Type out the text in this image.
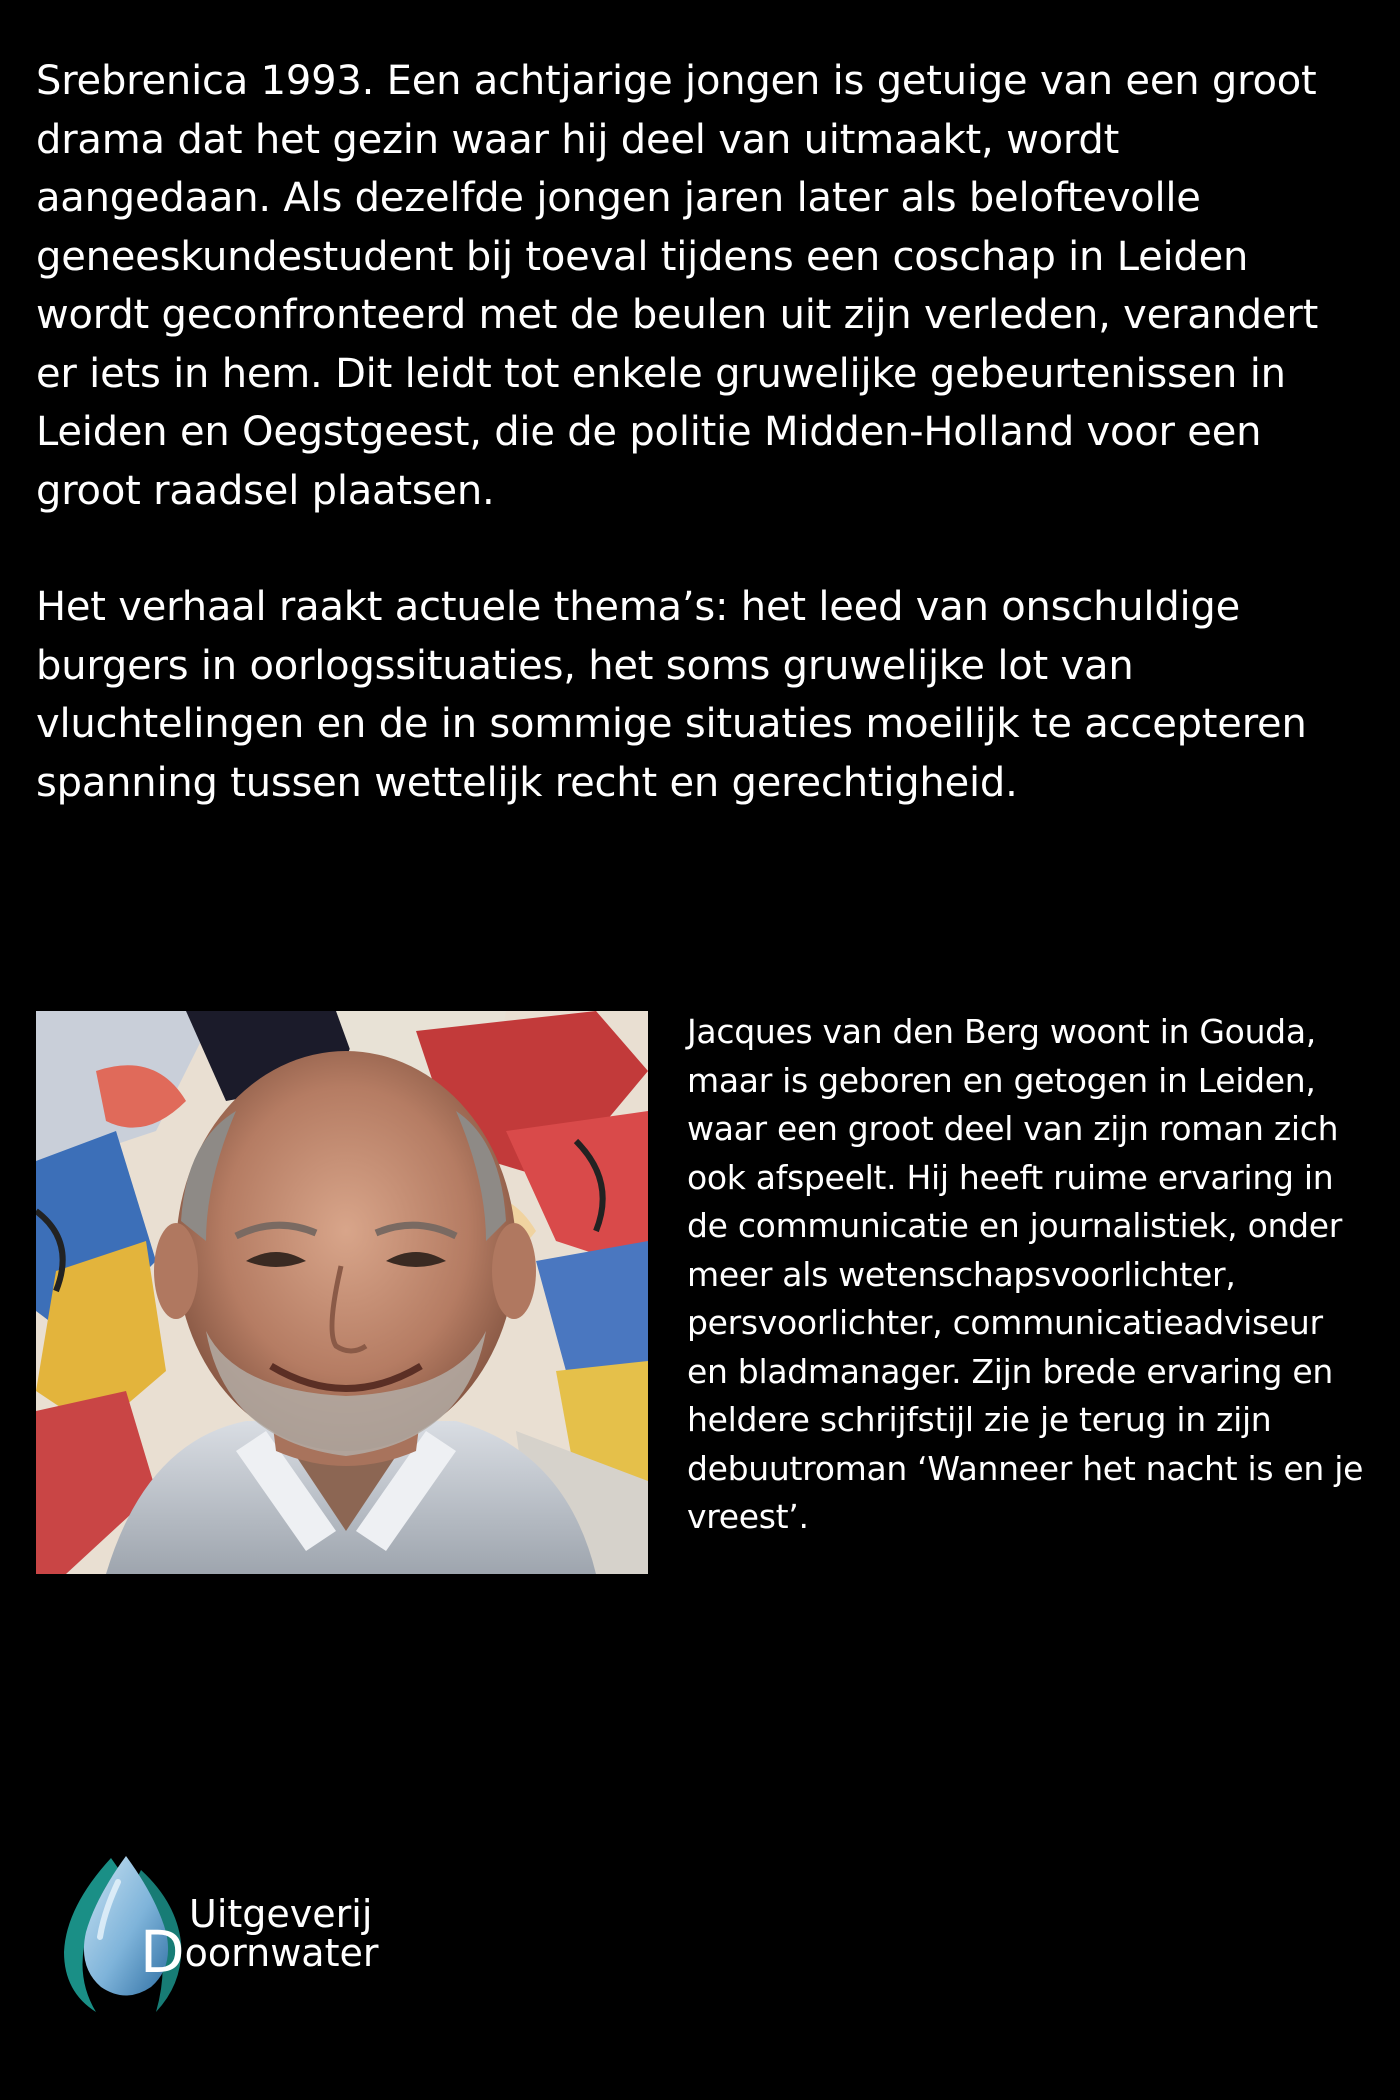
Srebrenica 1993. Een achtjarige jongen is getuige van een groot drama dat het gezin waar hij deel van uitmaakt, wordt aangedaan. Als dezelfde jongen jaren later als beloftevolle geneeskundestudent bij toeval tijdens een coschap in Leiden wordt geconfronteerd met de beulen uit zijn verleden, verandert er iets in hem. Dit leidt tot enkele gruwelijke gebeurtenissen in Leiden en Oegstgeest, die de politie Midden-Holland voor een groot raadsel plaatsen.

Het verhaal raakt actuele thema’s: het leed van onschuldige burgers in oorlogssituaties, het soms gruwelijke lot van vluchtelingen en de in sommige situaties moeilijk te accepteren spanning tussen wettelijk recht en gerechtigheid.

Jacques van den Berg woont in Gouda, maar is geboren en getogen in Leiden, waar een groot deel van zijn roman zich ook afspeelt. Hij heeft ruime ervaring in de communicatie en journalistiek, onder meer als wetenschapsvoorlichter, persvoorlichter, communicatieadviseur en bladmanager. Zijn brede ervaring en heldere schrijfstijl zie je terug in zijn debuutroman ‘Wanneer het nacht is en je vreest’.

Uitgeverij
Doornwater
